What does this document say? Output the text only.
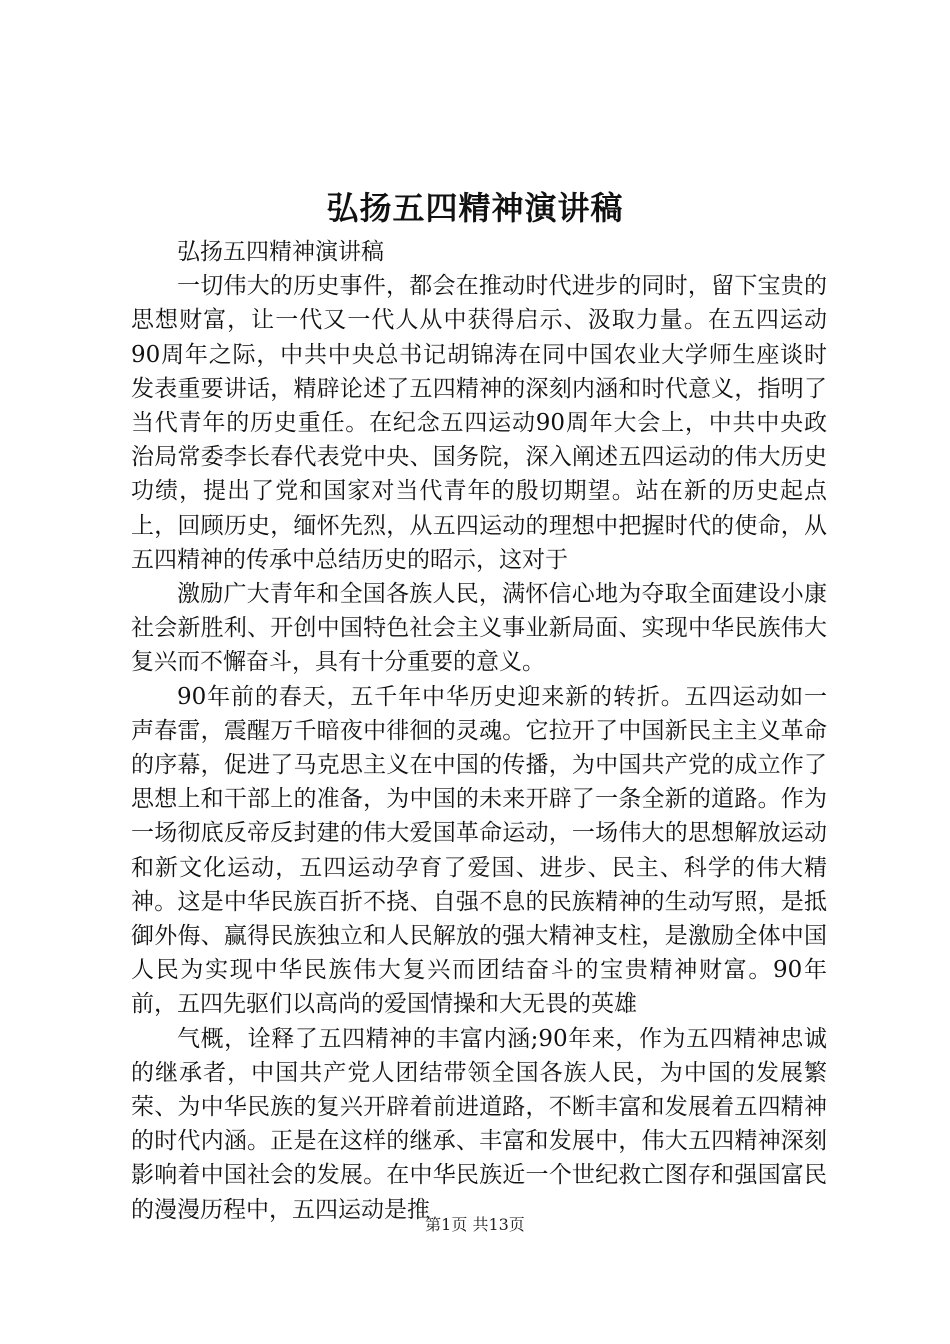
弘扬五四精神演讲稿

弘扬五四精神演讲稿

一切伟大的历史事件，都会在推动时代进步的同时，留下宝贵的思想财富，让一代又一代人从中获得启示、汲取力量。在五四运动90周年之际，中共中央总书记胡锦涛在同中国农业大学师生座谈时发表重要讲话，精辟论述了五四精神的深刻内涵和时代意义，指明了当代青年的历史重任。在纪念五四运动90周年大会上，中共中央政治局常委李长春代表党中央、国务院，深入阐述五四运动的伟大历史功绩，提出了党和国家对当代青年的殷切期望。站在新的历史起点上，回顾历史，缅怀先烈，从五四运动的理想中把握时代的使命，从五四精神的传承中总结历史的昭示，这对于

激励广大青年和全国各族人民，满怀信心地为夺取全面建设小康社会新胜利、开创中国特色社会主义事业新局面、实现中华民族伟大复兴而不懈奋斗，具有十分重要的意义。

90年前的春天，五千年中华历史迎来新的转折。五四运动如一声春雷，震醒万千暗夜中徘徊的灵魂。它拉开了中国新民主主义革命的序幕，促进了马克思主义在中国的传播，为中国共产党的成立作了思想上和干部上的准备，为中国的未来开辟了一条全新的道路。作为一场彻底反帝反封建的伟大爱国革命运动，一场伟大的思想解放运动和新文化运动，五四运动孕育了爱国、进步、民主、科学的伟大精神。这是中华民族百折不挠、自强不息的民族精神的生动写照，是抵御外侮、赢得民族独立和人民解放的强大精神支柱，是激励全体中国人民为实现中华民族伟大复兴而团结奋斗的宝贵精神财富。90年前，五四先驱们以高尚的爱国情操和大无畏的英雄

气概，诠释了五四精神的丰富内涵;90年来，作为五四精神忠诚的继承者，中国共产党人团结带领全国各族人民，为中国的发展繁荣、为中华民族的复兴开辟着前进道路，不断丰富和发展着五四精神的时代内涵。正是在这样的继承、丰富和发展中，伟大五四精神深刻影响着中国社会的发展。在中华民族近一个世纪救亡图存和强国富民的漫漫历程中，五四运动是推

第1页 共13页
